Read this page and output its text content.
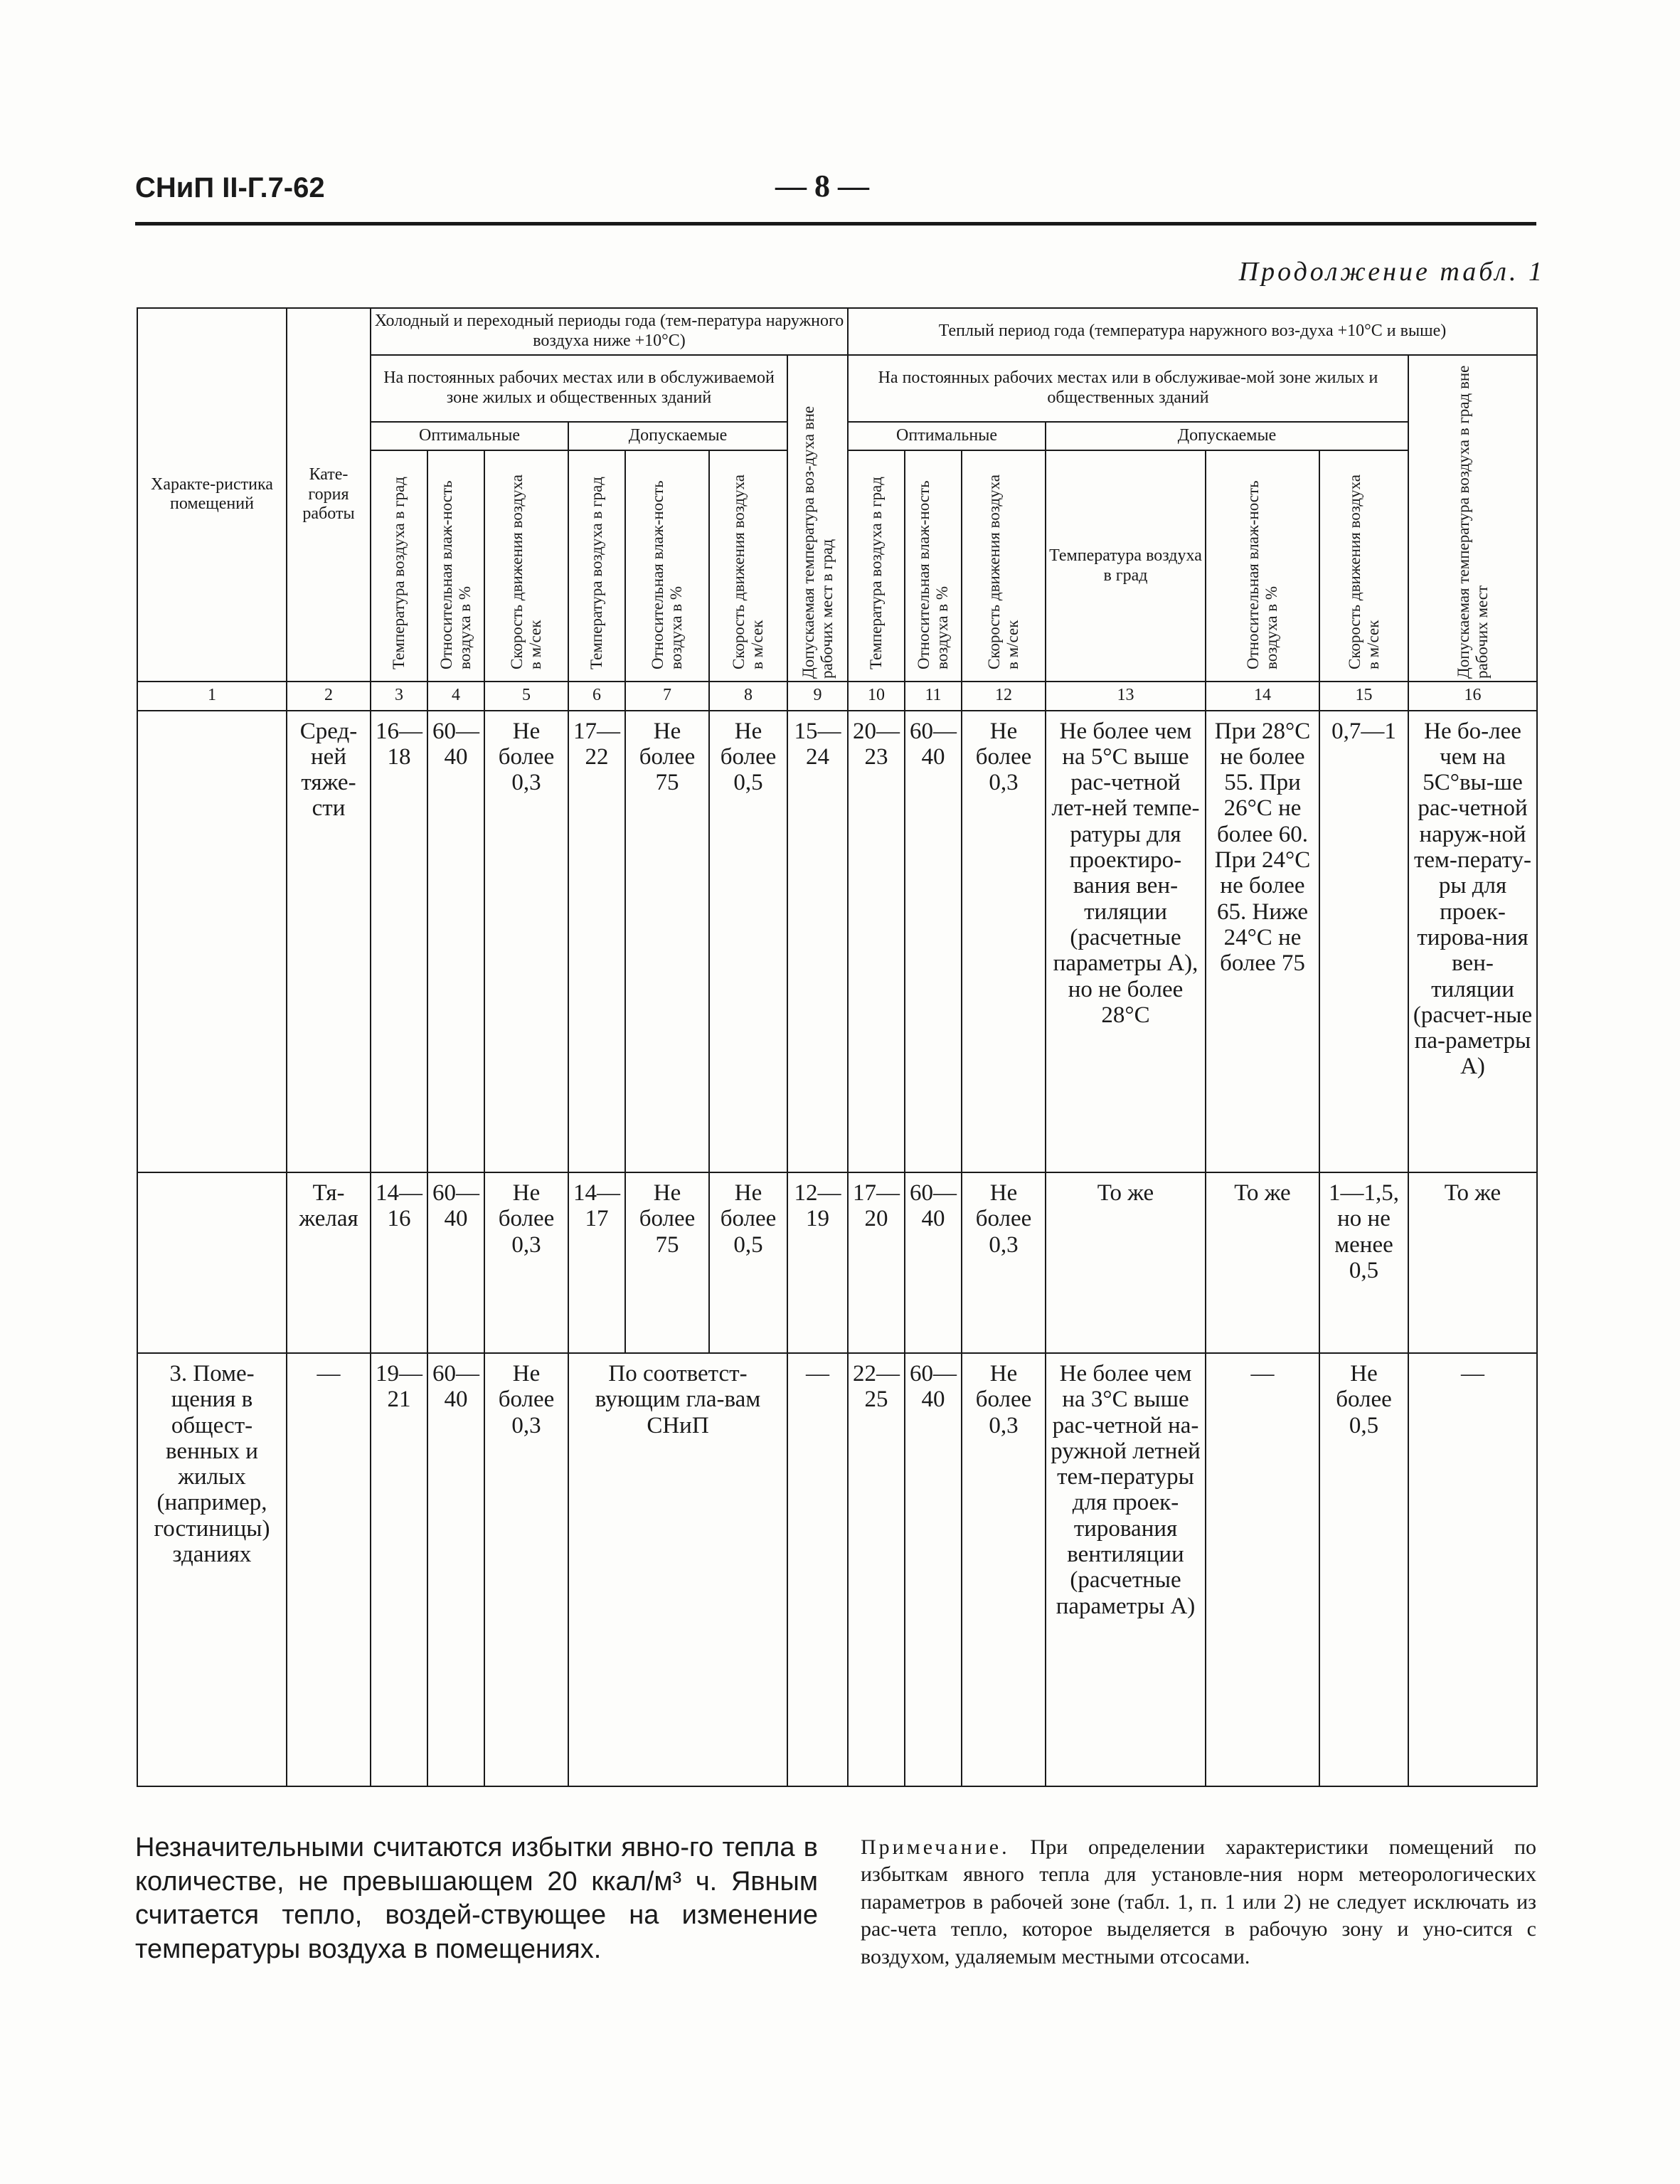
СНиП II-Г.7-62	— 8 —
Продолжение табл. 1
Характе-ристика помещений	Кате-гория работы	Холодный и переходный периоды года (тем-пература наружного воздуха ниже +10°С)							Теплый период года (температура наружного воз-духа +10°С и выше)						
		На постоянных рабочих местах или в обслуживаемой зоне жилых и общественных зданий						Допускаемая температура воз-духа вне рабочих мест в град	На постоянных рабочих местах или в обслуживае-мой зоне жилых и общественных зданий						Допускаемая температура воздуха в град вне рабочих мест

		Оптимальные			Допускаемые				Оптимальные			Допускаемые			

		Температура воздуха в град	Относительная влаж-ность воздуха в %	Скорость движения воздуха в м/сек	Температура воздуха в град	Относительная влаж-ность воздуха в %	Скорость движения воздуха в м/сек		Температура воздуха в град	Относительная влаж-ность воздуха в %	Скорость движения воздуха в м/сек	Температура воздуха в град	Относительная влаж-ность воздуха в %	Скорость движения воздуха в м/сек	

1	2	3	4	5	6	7	8	9	10	11	12	13	14	15	16
	Сред-ней тяже-сти	16—18	60—40	Не более 0,3	17—22	Не более 75	Не более 0,5	15—24	20—23	60—40	Не более 0,3	Не более чем на 5°С выше рас-четной лет-ней темпе-ратуры для проектиро-вания вен-тиляции (расчетные параметры А), но не более 28°С	При 28°С не более 55. При 26°С не более 60. При 24°С не более 65. Ниже 24°С не более 75	0,7—1	Не бо-лее чем на 5С°вы-ше рас-четной наруж-ной тем-перату-ры для проек-тирова-ния вен-тиляции (расчет-ные па-раметры А)
	Тя-желая	14—16	60—40	Не более 0,3	14—17	Не более 75	Не более 0,5	12—19	17—20	60—40	Не более 0,3	То же	То же	1—1,5, но не менее 0,5	То же
3. Поме-щения в общест-венных и жилых (например, гостиницы) зданиях	—	19—21	60—40	Не более 0,3	По соответст-вующим гла-вам СНиП			—	22—25	60—40	Не более 0,3	Не более чем на 3°С выше рас-четной на-ружной летней тем-пературы для проек-тирования вентиляции (расчетные параметры А)	—	Не более 0,5	—
Незначительными считаются избытки явно-го тепла в количестве, не превышающем 20 ккал/м³ ч. Явным считается тепло, воздей-ствующее на изменение температуры воздуха в помещениях.
Примечание. При определении характеристики помещений по избыткам явного тепла для установле-ния норм метеорологических параметров в рабочей зоне (табл. 1, п. 1 или 2) не следует исключать из рас-чета тепло, которое выделяется в рабочую зону и уно-сится с воздухом, удаляемым местными отсосами.
